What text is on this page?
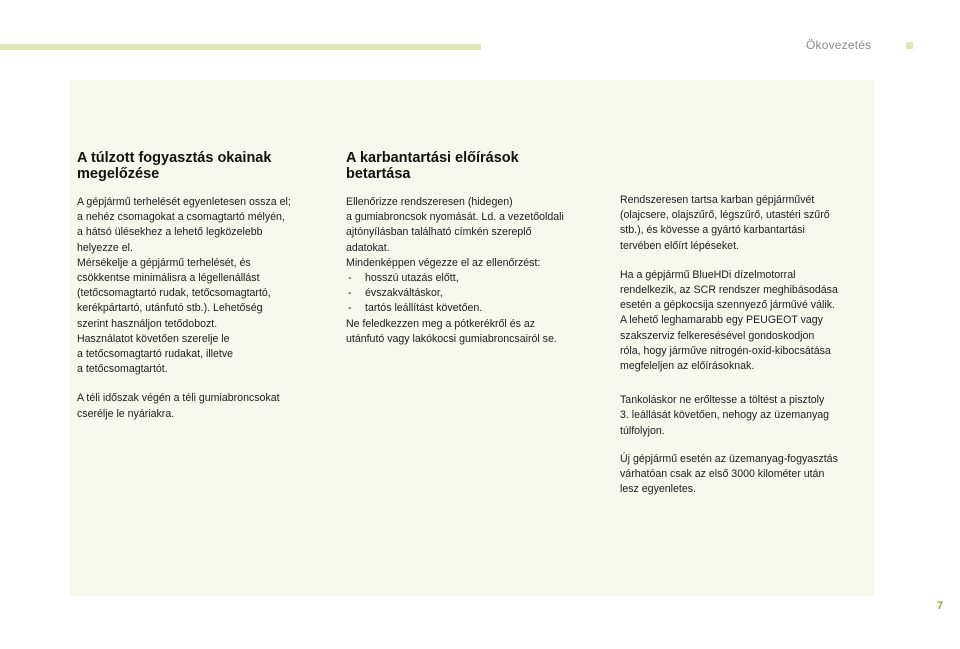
Ökovezetés
A túlzott fogyasztás okainak
megelőzése

A gépjármű terhelését egyenletesen ossza el;
a nehéz csomagokat a csomagtartó mélyén,
a hátsó ülésekhez a lehető legközelebb
helyezze el.
Mérsékelje a gépjármű terhelését, és
csökkentse minimálisra a légellenállást
(tetőcsomagtartó rudak, tetőcsomagtartó,
kerékpártartó, utánfutó stb.). Lehetőség
szerint használjon tetődobozt.
Használatot követően szerelje le
a tetőcsomagtartó rudakat, illetve
a tetőcsomagtartót.

A téli időszak végén a téli gumiabroncsokat
cserélje le nyáriakra.

A karbantartási előírások
betartása

Ellenőrizze rendszeresen (hidegen)
a gumiabroncsok nyomását. Ld. a vezetőoldali
ajtónyílásban található címkén szereplő
adatokat.
Mindenképpen végezze el az ellenőrzést:

- hosszú utazás előtt,
- évszakváltáskor,
- tartós leállítást követően.

Ne feledkezzen meg a pótkerékről és az
utánfutó vagy lakókocsi gumiabroncsairól se.

Rendszeresen tartsa karban gépjárművét
(olajcsere, olajszűrő, légszűrő, utastéri szűrő
stb.), és kövesse a gyártó karbantartási
tervében előírt lépéseket.

Ha a gépjármű BlueHDi dízelmotorral
rendelkezik, az SCR rendszer meghibásodása
esetén a gépkocsija szennyező járművé válik.
A lehető leghamarabb egy PEUGEOT vagy
szakszerviz felkeresésével gondoskodjon
róla, hogy járműve nitrogén-oxid-kibocsátása
megfeleljen az előírásoknak.

Tankoláskor ne erőltesse a töltést a pisztoly
3. leállását követően, nehogy az üzemanyag
túlfolyjon.

Új gépjármű esetén az üzemanyag-fogyasztás
várhatóan csak az első 3000 kilométer után
lesz egyenletes.

7
